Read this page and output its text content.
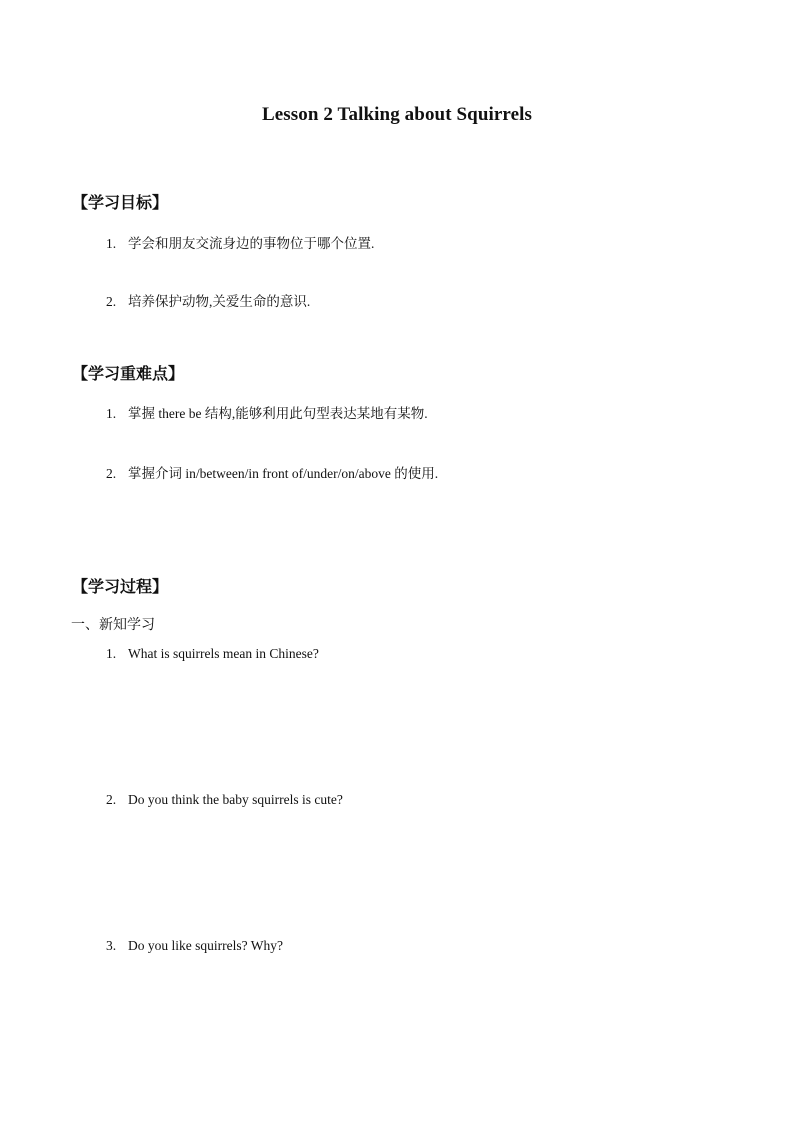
Lesson 2 Talking about Squirrels
【学习目标】
1. 学会和朋友交流身边的事物位于哪个位置.
2. 培养保护动物,关爱生命的意识.
【学习重难点】
1. 掌握 there be 结构,能够利用此句型表达某地有某物.
2. 掌握介词 in/between/in front of/under/on/above 的使用.
【学习过程】
一、新知学习
1. What is squirrels mean in Chinese?
2. Do you think the baby squirrels is cute?
3. Do you like squirrels? Why?
